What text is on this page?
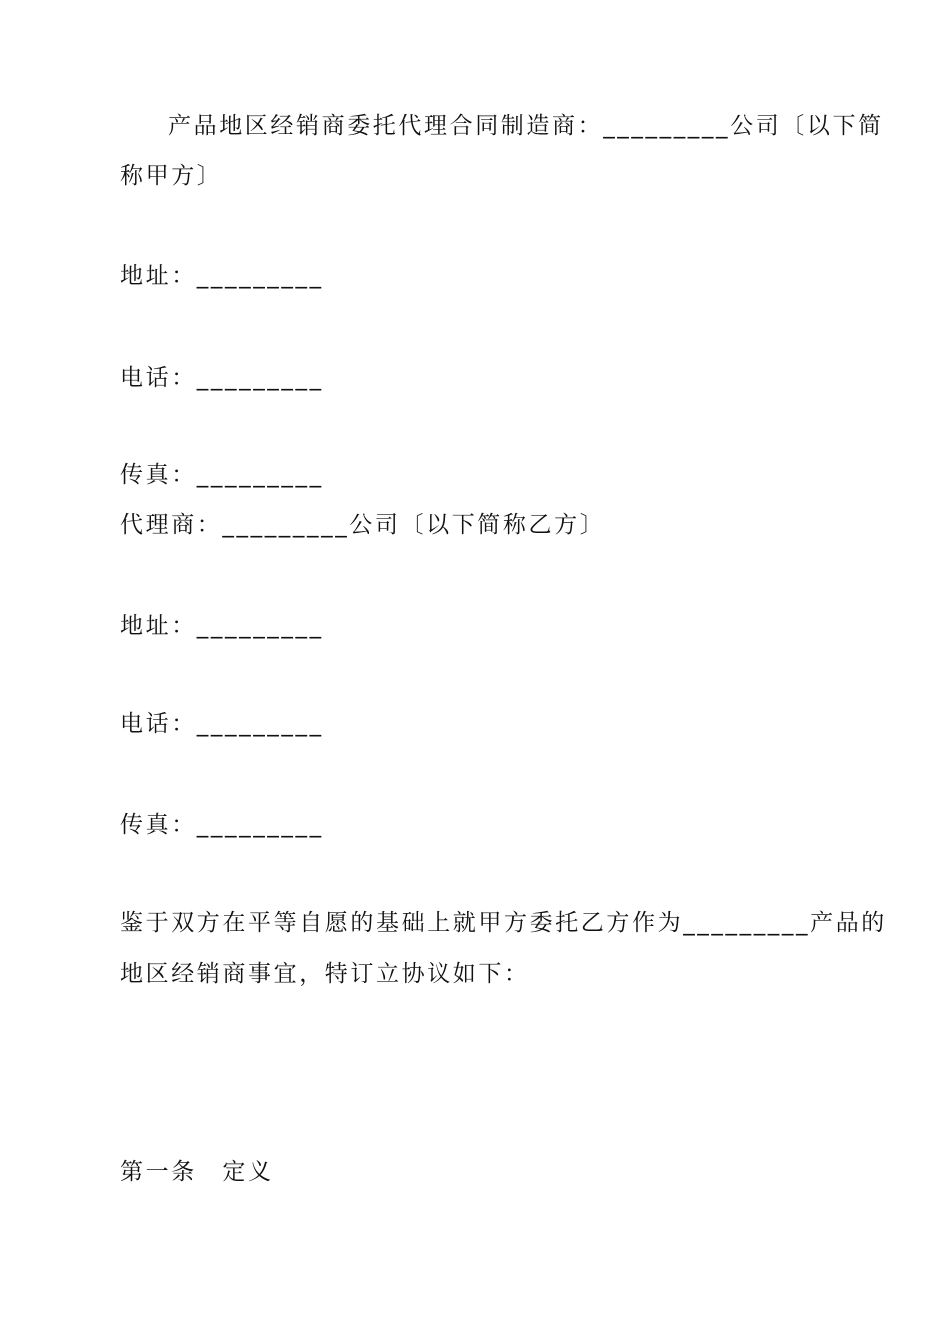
产品地区经销商委托代理合同制造商：_________公司〔以下简

称甲方〕

地址：_________

电话：_________

传真：_________

代理商：_________公司〔以下简称乙方〕

地址：_________

电话：_________

传真：_________

鉴于双方在平等自愿的基础上就甲方委托乙方作为_________产品的

地区经销商事宜，特订立协议如下：

第一条　定义
